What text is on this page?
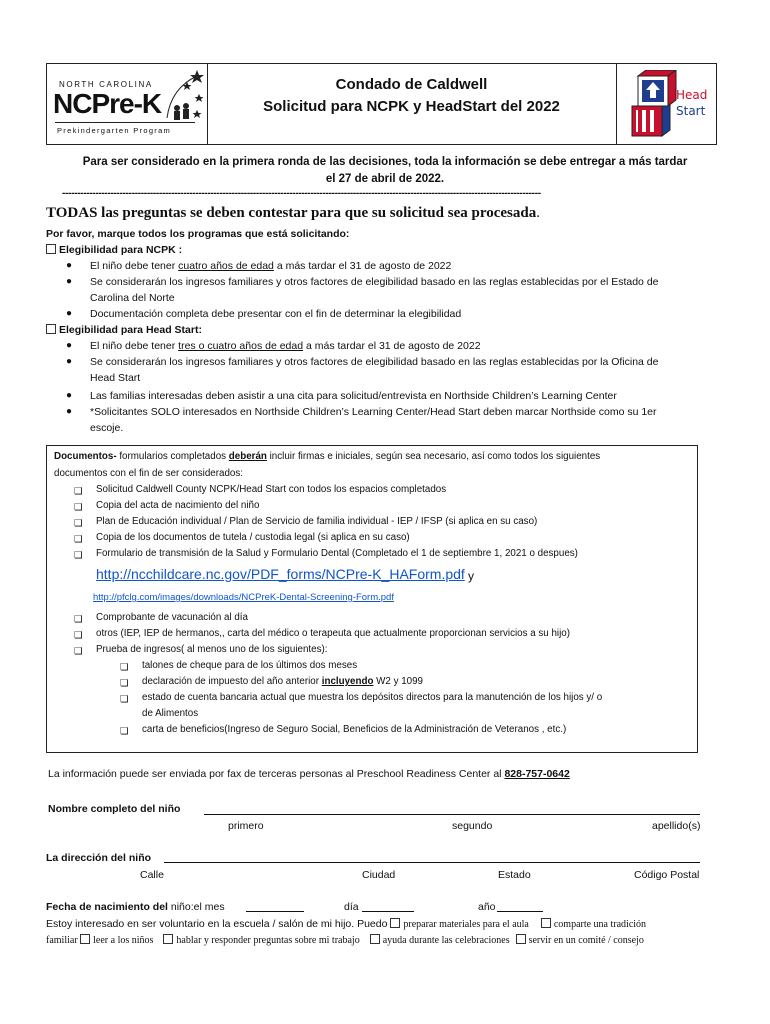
NORTH CAROLINA
NCPre-K
Prekindergarten Program
Condado de Caldwell
Solicitud para NCPK y HeadStart del 2022
Head
Start
Para ser considerado en la primera ronda de las decisiones, toda la información se debe entregar a más tardar
el 27 de abril de 2022.
--------------------------------------------------------------------------------------------------------------------------------------------------------------
TODAS las preguntas se deben contestar para que su solicitud sea procesada.
Por favor, marque todos los programas que está solicitando:
Elegibilidad para NCPK :
● El niño debe tener cuatro años de edad a más tardar el 31 de agosto de 2022
● Se considerarán los ingresos familiares y otros factores de elegibilidad basado en las reglas establecidas por el Estado de
Carolina del Norte
● Documentación completa debe presentar con el fin de determinar la elegibilidad
Elegibilidad para Head Start:
● El niño debe tener tres o cuatro años de edad a más tardar el 31 de agosto de 2022
● Se considerarán los ingresos familiares y otros factores de elegibilidad basado en las reglas establecidas por la Oficina de
Head Start
● Las familias interesadas deben asistir a una cita para solicitud/entrevista en Northside Children’s Learning Center
● *Solicitantes SOLO interesados en Northside Children’s Learning Center/Head Start deben marcar Northside como su 1er
escoje.
Documentos- formularios completados deberán incluir firmas e iniciales, según sea necesario, así como todos los siguientes
documentos con el fin de ser considerados:
❏ Solicitud Caldwell County NCPK/Head Start con todos los espacios completados
❏ Copia del acta de nacimiento del niño
❏ Plan de Educación individual / Plan de Servicio de familia individual - IEP / IFSP (si aplica en su caso)
❏ Copia de los documentos de tutela / custodia legal (si aplica en su caso)
❏ Formulario de transmisión de la Salud y Formulario Dental (Completado el 1 de septiembre 1, 2021 o despues)
http://ncchildcare.nc.gov/PDF_forms/NCPre-K_HAForm.pdf y
http://pfclg.com/images/downloads/NCPreK-Dental-Screening-Form.pdf
❏ Comprobante de vacunación al día
❏ otros (IEP, IEP de hermanos,, carta del médico o terapeuta que actualmente proporcionan servicios a su hijo)
❏ Prueba de ingresos( al menos uno de los siguientes):
❏ talones de cheque para de los últimos dos meses
❏ declaración de impuesto del año anterior incluyendo W2 y 1099
❏ estado de cuenta bancaria actual que muestra los depósitos directos para la manutención de los hijos y/ o
de Alimentos
❏ carta de beneficios(Ingreso de Seguro Social, Beneficios de la Administración de Veteranos , etc.)
La información puede ser enviada por fax de terceras personas al Preschool Readiness Center al 828-757-0642
Nombre completo del niño
primero	segundo	apellido(s)
La dirección del niño
Calle	Ciudad	Estado	Código Postal
Fecha de nacimiento del niño:el mes	día	año
Estoy interesado en ser voluntario en la escuela / salón de mi hijo. Puedo preparar materiales para el aula	comparte una tradición
familiar leer a los niños hablar y responder preguntas sobre mi trabajo ayuda durante las celebraciones servir en un comité / consejo
